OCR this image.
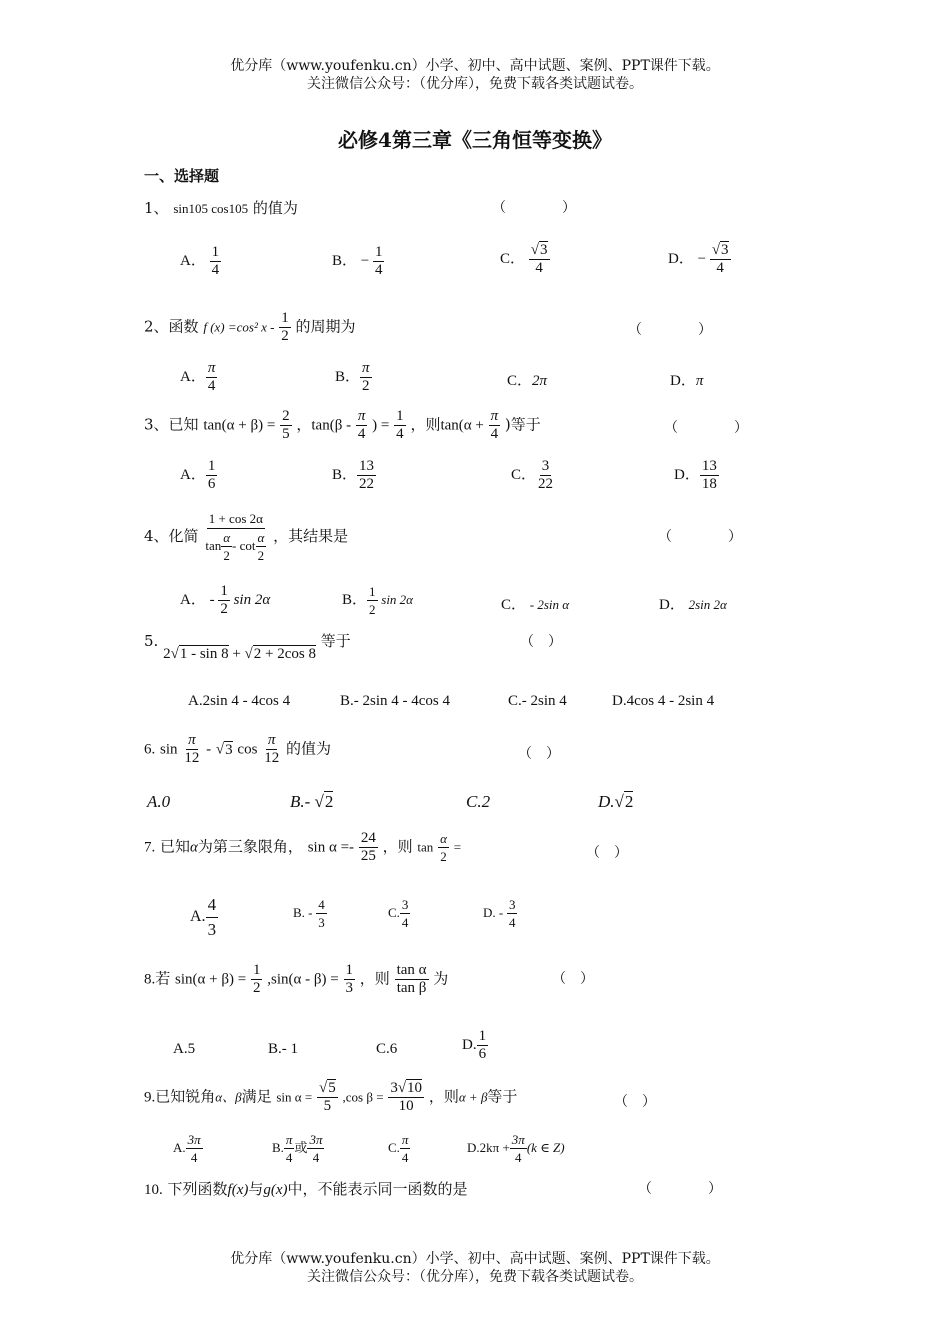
优分库（www.youfenku.cn）小学、初中、高中试题、案例、PPT课件下载。
关注微信公众号：（优分库），免费下载各类试题试卷。
必修4第三章《三角恒等变换》
一、选择题
1、 sin105 cos105 的值为	（　　　　）
A． $\frac{1}{4}$	B． − $\frac{1}{4}$	C． $\frac{√3}{4}$	D． − $\frac{√3}{4}$
2、函数 f (x) =cos² x - $\frac{1}{2}$ 的周期为	（　　　　）
A． $\frac{\pi}{4}$	B． $\frac{\pi}{2}$	C．2π	D．π
3、已知 $\tan(\alpha + \beta) = \frac{2}{5}$ ，$\tan(\beta - \frac{\pi}{4}$ ) = $\frac{1}{4}$ ，则$\tan(\alpha + \frac{\pi}{4}$ )等于	（　　　　）
A． $\frac{1}{6}$	B． $\frac{13}{22}$	C． $\frac{3}{22}$	D． $\frac{13}{18}$
4、化简 $\frac{1 + \cos 2\alpha}{\tan \frac{\alpha}{2} - \cot \frac{\alpha}{2}}$ ，其结果是	（　　　　）
A． - $\frac{1}{2}$ sin 2α	B． $\frac{1}{2}$ sin 2α	C． - 2sin α	D． 2sin 2α
5. 2√1 - sin 8 + √2 + 2cos 8 等于	（　）
A.2sin 4 - 4cos 4	B.- 2sin 4 - 4cos 4	C.- 2sin 4	D.4cos 4 - 2sin 4
6. $\sin \frac{\pi}{12} - √3$ $\cos \frac{\pi}{12}$ 的值为	（　）
A.0	B.- √2	C.2	D.√2
7. 已知α为第三象限角， $\sin \alpha =- \frac{24}{25}$ ，则 $\tan \frac{\alpha}{2}$ =	（　）
A. $\frac{4}{3}$	B. - $\frac{4}{3}$	C. $\frac{3}{4}$	D. - $\frac{3}{4}$
8.若 $\sin(\alpha + \beta) = \frac{1}{2} ,\sin(\alpha - \beta) = \frac{1}{3}$ ，则 $\frac{\text{tan α}}{\text{tan β}}$ 为	（　）
A.5	B.- 1	C.6	D. $\frac{1}{6}$
9.已知锐角α、β满足 $\sin \alpha = \frac{√5}{5} ,\cos$ $\beta = \frac{3√10}{10}$ ，则α + β等于	（　）
A. $\frac{3\pi}{4}$	B. $\frac{\pi}{4}$ 或 $\frac{3\pi}{4}$	C. $\frac{\pi}{4}$	$D.2k\pi + \frac{3\pi}{4} (k$ ∈ Z)
10. 下列函数f(x)与g(x)中，不能表示同一函数的是	（　　　　）
优分库（www.youfenku.cn）小学、初中、高中试题、案例、PPT课件下载。
关注微信公众号：（优分库），免费下载各类试题试卷。
